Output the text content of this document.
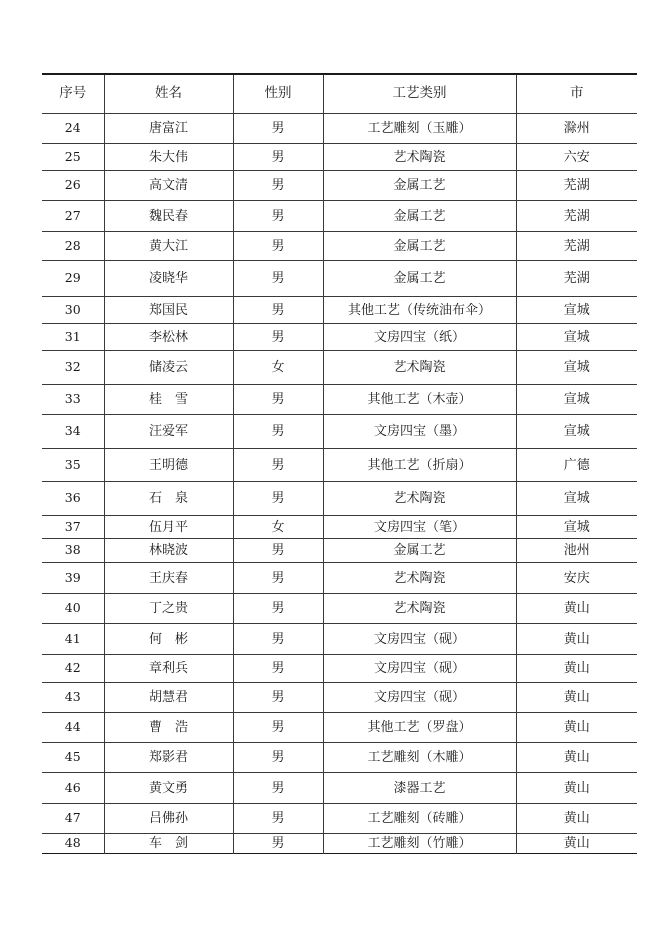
序号	姓名	性别	工艺类别	市
24	唐富江	男	工艺雕刻（玉雕）	滁州
25	朱大伟	男	艺术陶瓷	六安
26	高文清	男	金属工艺	芜湖
27	魏民春	男	金属工艺	芜湖
28	黄大江	男	金属工艺	芜湖
29	凌晓华	男	金属工艺	芜湖
30	郑国民	男	其他工艺（传统油布伞）	宣城
31	李松林	男	文房四宝（纸）	宣城
32	储凌云	女	艺术陶瓷	宣城
33	桂　雪	男	其他工艺（木壶）	宣城
34	汪爱军	男	文房四宝（墨）	宣城
35	王明德	男	其他工艺（折扇）	广德
36	石　泉	男	艺术陶瓷	宣城
37	伍月平	女	文房四宝（笔）	宣城
38	林晓波	男	金属工艺	池州
39	王庆春	男	艺术陶瓷	安庆
40	丁之贵	男	艺术陶瓷	黄山
41	何　彬	男	文房四宝（砚）	黄山
42	章利兵	男	文房四宝（砚）	黄山
43	胡慧君	男	文房四宝（砚）	黄山
44	曹　浩	男	其他工艺（罗盘）	黄山
45	郑影君	男	工艺雕刻（木雕）	黄山
46	黄文勇	男	漆器工艺	黄山
47	吕佛孙	男	工艺雕刻（砖雕）	黄山
48	车　剑	男	工艺雕刻（竹雕）	黄山
